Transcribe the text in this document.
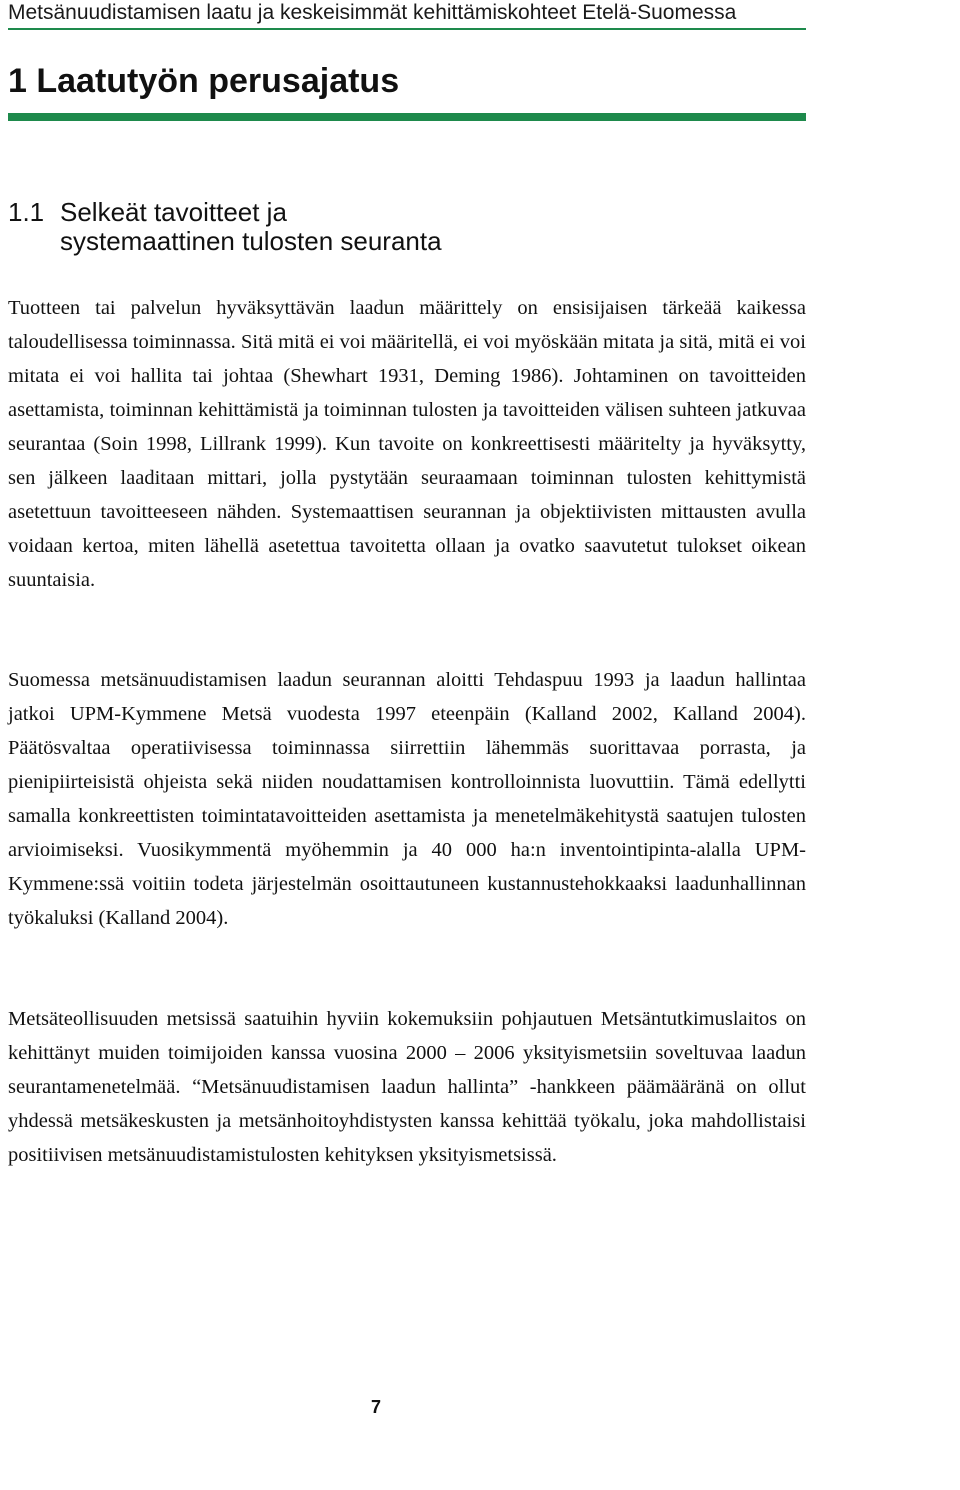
Metsänuudistamisen laatu ja keskeisimmät kehittämiskohteet Etelä-Suomessa
1 Laatutyön perusajatus
1.1 Selkeät tavoitteet ja
systemaattinen tulosten seuranta

Tuotteen tai palvelun hyväksyttävän laadun määrittely on ensisijaisen tärkeää kaikessa taloudellisessa toiminnassa. Sitä mitä ei voi määritellä, ei voi myöskään mitata ja sitä, mitä ei voi mitata ei voi hallita tai johtaa (Shewhart 1931, Deming 1986). Johtaminen on tavoitteiden asettamista, toiminnan kehittämistä ja toiminnan tulosten ja tavoitteiden välisen suhteen jatkuvaa seurantaa (Soin 1998, Lillrank 1999). Kun tavoite on konkreettisesti määritelty ja hyväksytty, sen jälkeen laaditaan mittari, jolla pystytään seuraamaan toiminnan tulosten kehittymistä asetettuun tavoitteeseen nähden. Systemaattisen seurannan ja objektiivisten mittausten avulla voidaan kertoa, miten lähellä asetettua tavoitetta ollaan ja ovatko saavutetut tulokset oikean suuntaisia.

Suomessa metsänuudistamisen laadun seurannan aloitti Tehdaspuu 1993 ja laadun hallintaa jatkoi UPM-Kymmene Metsä vuodesta 1997 eteenpäin (Kalland 2002, Kalland 2004). Päätösvaltaa operatiivisessa toiminnassa siirrettiin lähemmäs suorittavaa porrasta, ja pienipiirteisistä ohjeista sekä niiden noudattamisen kontrolloinnista luovuttiin. Tämä edellytti samalla konkreettisten toimintatavoitteiden asettamista ja menetelmäkehitystä saatujen tulosten arvioimiseksi. Vuosikymmentä myöhemmin ja 40 000 ha:n inventointipinta-alalla UPM-Kymmene:ssä voitiin todeta järjestelmän osoittautuneen kustannustehokkaaksi laadunhallinnan työkaluksi (Kalland 2004).

Metsäteollisuuden metsissä saatuihin hyviin kokemuksiin pohjautuen Metsäntutkimuslaitos on kehittänyt muiden toimijoiden kanssa vuosina 2000 – 2006 yksityismetsiin soveltuvaa laadun seurantamenetelmää. “Metsänuudistamisen laadun hallinta” -hankkeen päämääränä on ollut yhdessä metsäkeskusten ja metsänhoitoyhdistysten kanssa kehittää työkalu, joka mahdollistaisi positiivisen metsänuudistamistulosten kehityksen yksityismetsissä.

7
